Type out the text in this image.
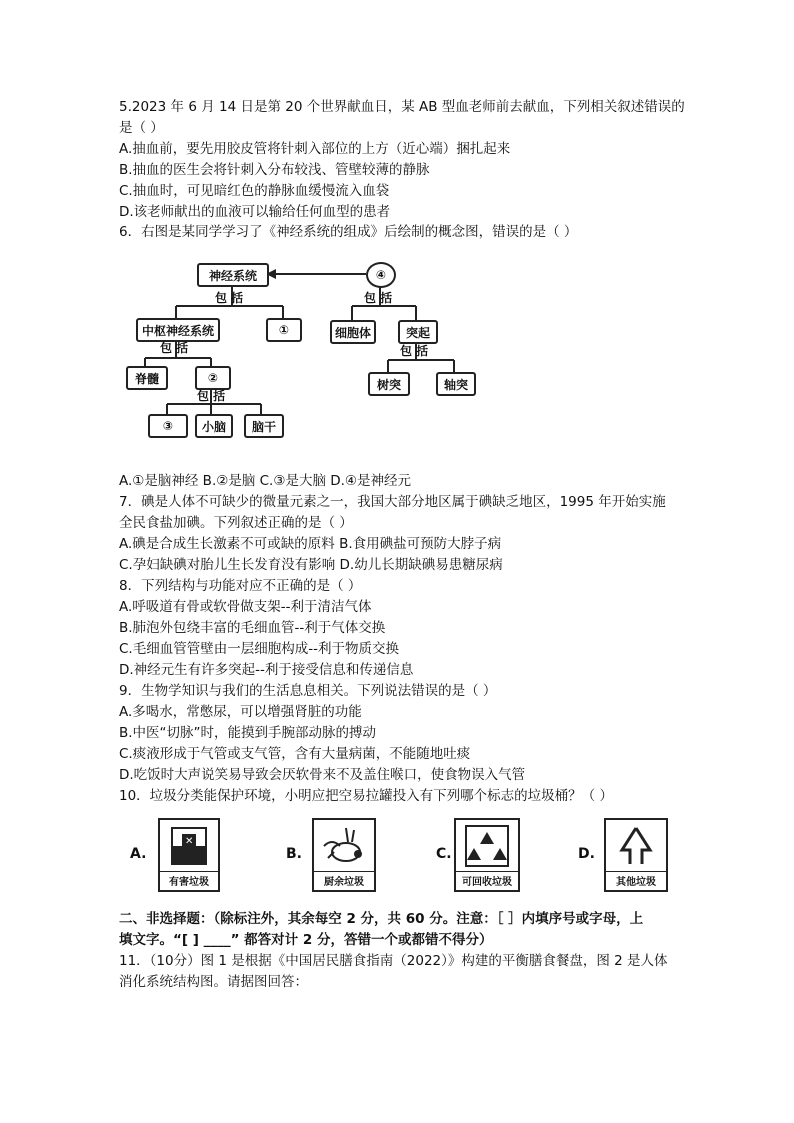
5.2023 年 6 月 14 日是第 20 个世界献血日，某 AB 型血老师前去献血，下列相关叙述错误的
是（ ）
A.抽血前，要先用胶皮管将针刺入部位的上方（近心端）捆扎起来
B.抽血的医生会将针刺入分布较浅、管壁较薄的静脉
C.抽血时，可见暗红色的静脉血缓慢流入血袋
D.该老师献出的血液可以输给任何血型的患者
6．右图是某同学学习了《神经系统的组成》后绘制的概念图，错误的是（ ）
神经系统	④
包 括	包 括
中枢神经系统	①	细胞体	突起
包 括	包 括
脊髓	②	树突	轴突
包 括
③	小脑	脑干
A.①是脑神经 B.②是脑 C.③是大脑 D.④是神经元
7．碘是人体不可缺少的微量元素之一，我国大部分地区属于碘缺乏地区，1995 年开始实施
全民食盐加碘。下列叙述正确的是（ ）
A.碘是合成生长激素不可或缺的原料 B.食用碘盐可预防大脖子病
C.孕妇缺碘对胎儿生长发育没有影响 D.幼儿长期缺碘易患糖尿病
8．下列结构与功能对应不正确的是（ ）
A.呼吸道有骨或软骨做支架--利于清洁气体
B.肺泡外包绕丰富的毛细血管--利于气体交换
C.毛细血管管壁由一层细胞构成--利于物质交换
D.神经元生有许多突起--利于接受信息和传递信息
9．生物学知识与我们的生活息息相关。下列说法错误的是（ ）
A.多喝水，常憋尿，可以增强肾脏的功能
B.中医“切脉”时，能摸到手腕部动脉的搏动
C.痰液形成于气管或支气管，含有大量病菌，不能随地吐痰
D.吃饭时大声说笑易导致会厌软骨来不及盖住喉口，使食物误入气管
10．垃圾分类能保护环境，小明应把空易拉罐投入有下列哪个标志的垃圾桶？（ ）
A.
✕
有害垃圾
B.
厨余垃圾
C.
可回收垃圾
D.
其他垃圾
二、非选择题：（除标注外，其余每空 2 分，共 60 分。注意：［ ］内填序号或字母，上
填文字。“[ ] ____” 都答对计 2 分，答错一个或都错不得分）
11．（10分）图 1 是根据《中国居民膳食指南（2022）》构建的平衡膳食餐盘，图 2 是人体
消化系统结构图。请据图回答：
